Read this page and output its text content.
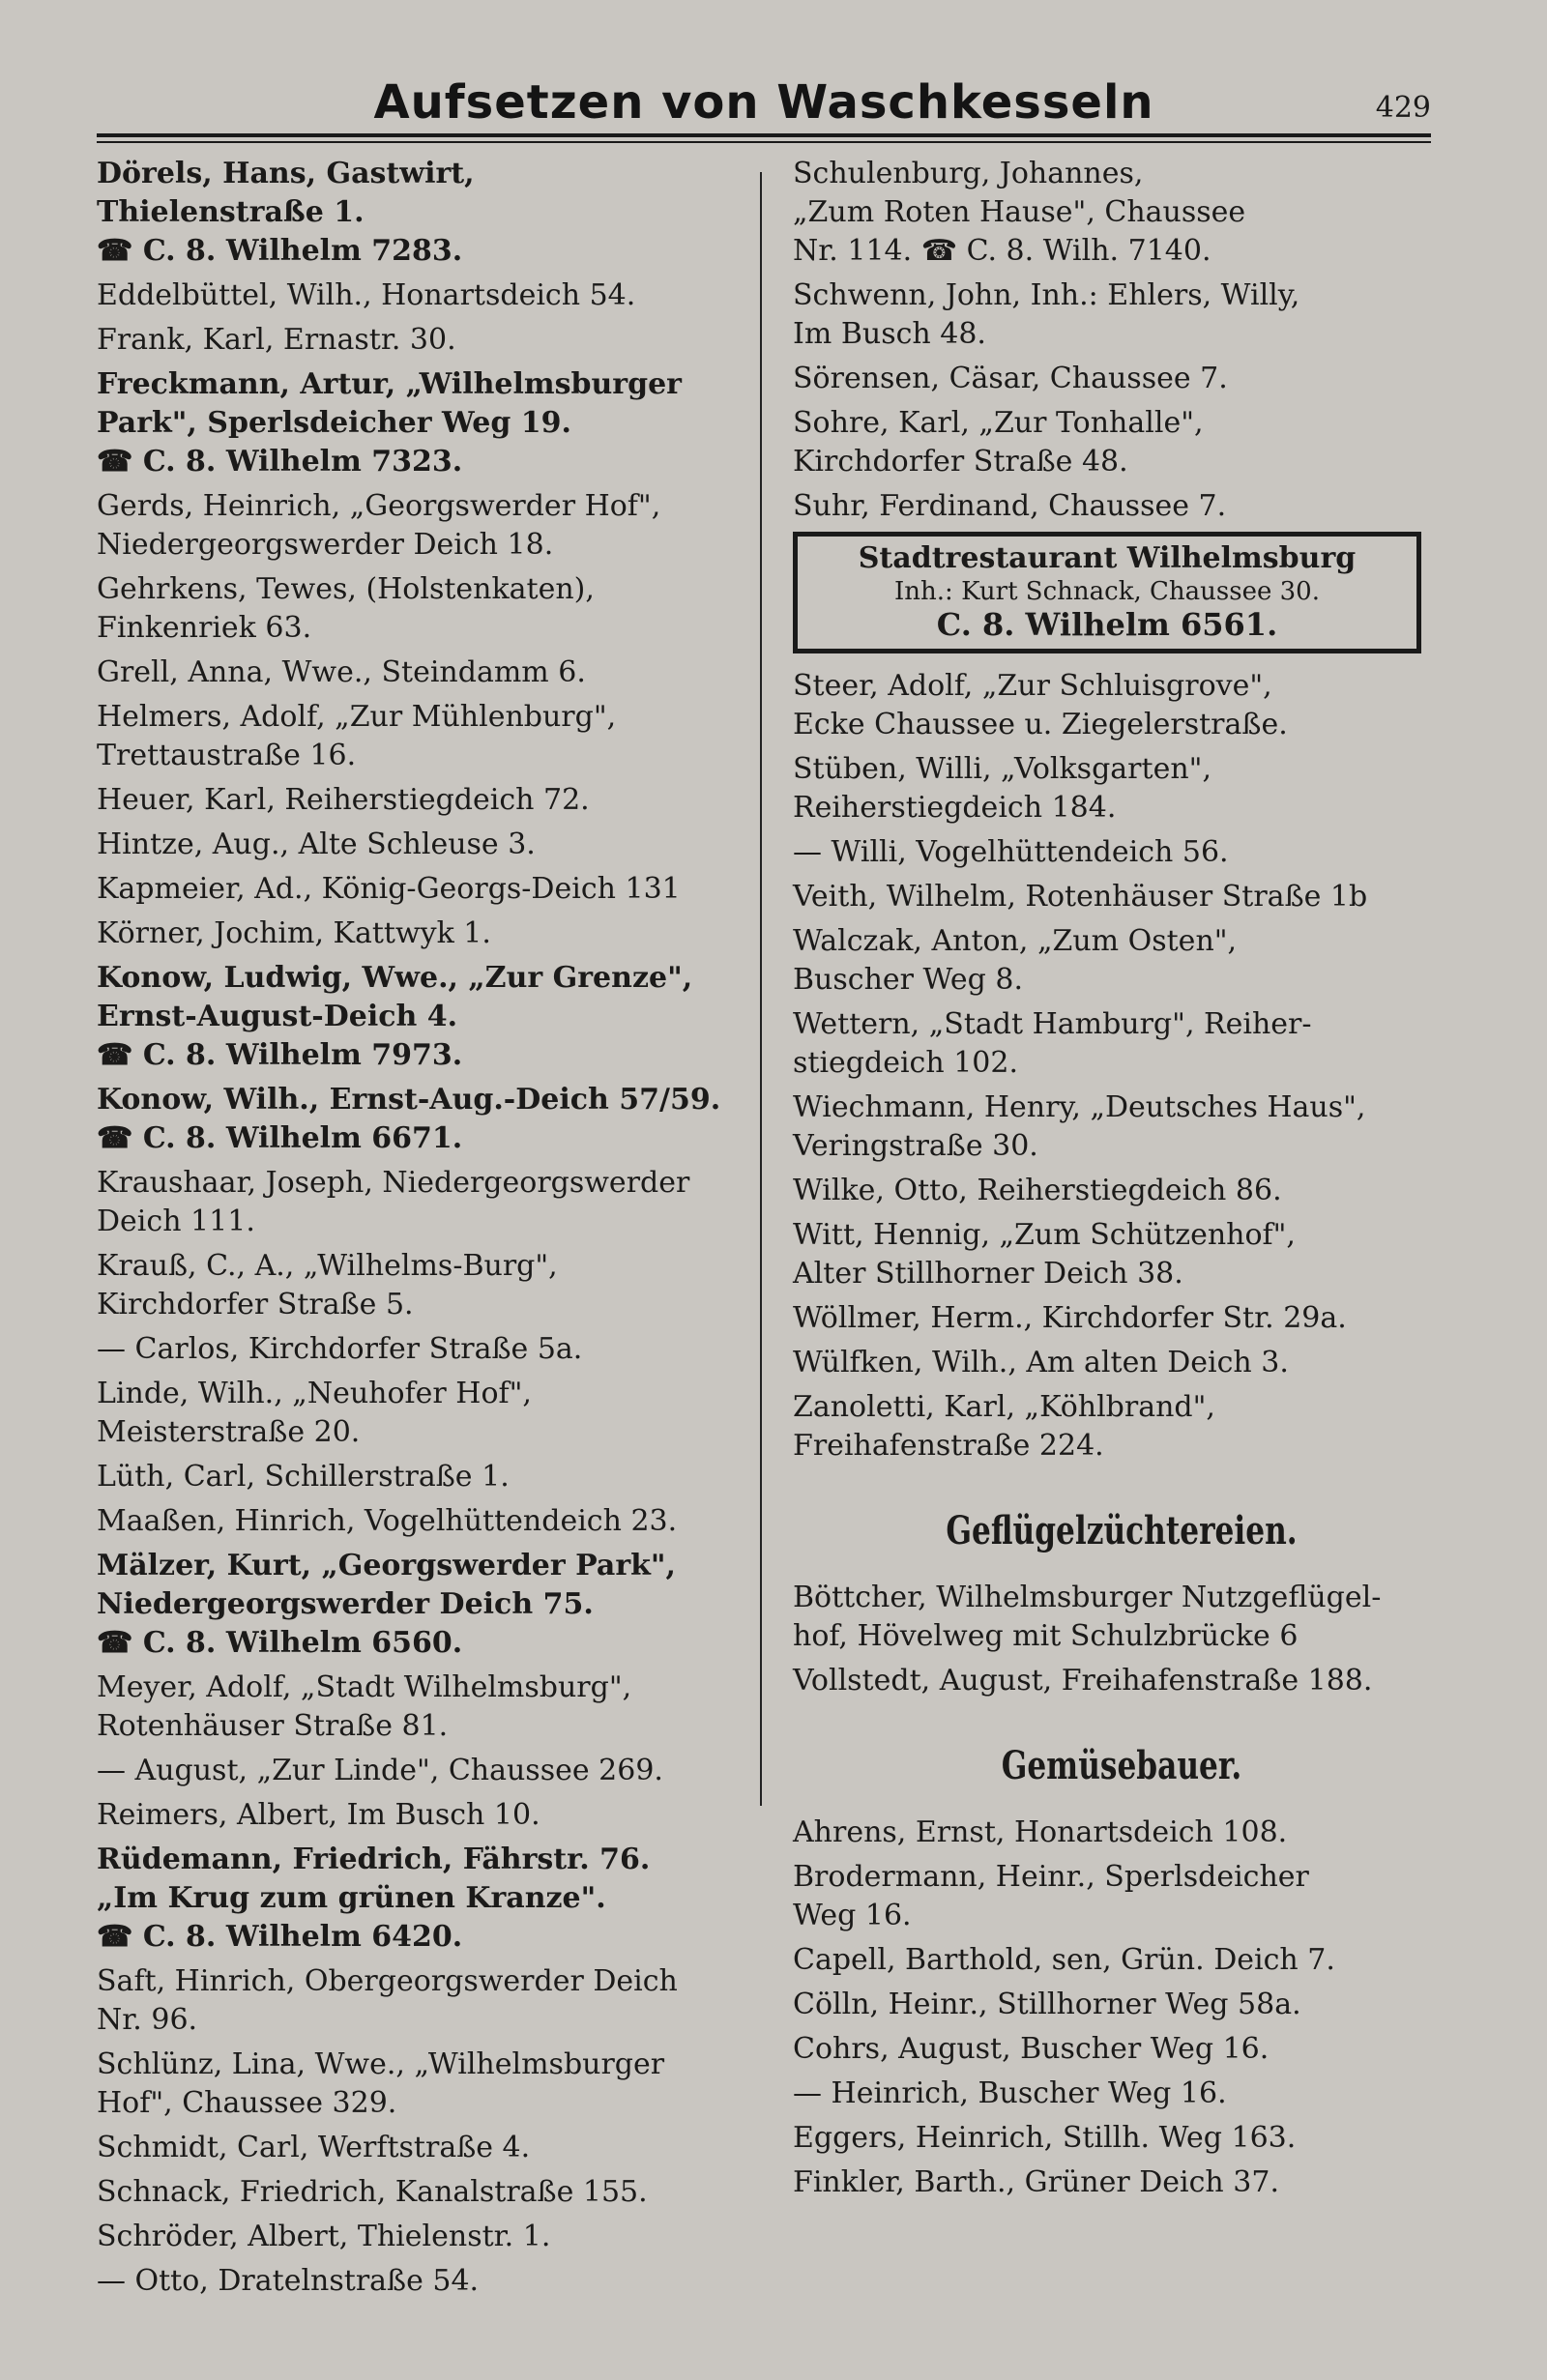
Aufsetzen von Waschkesseln	429
Dörels, Hans, Gastwirt,
Thielenstraße 1.
☎ C. 8. Wilhelm 7283.
Eddelbüttel, Wilh., Honartsdeich 54.
Frank, Karl, Ernastr. 30.
Freckmann, Artur, „Wilhelmsburger
Park", Sperlsdeicher Weg 19.
☎ C. 8. Wilhelm 7323.
Gerds, Heinrich, „Georgswerder Hof",
Niedergeorgswerder Deich 18.
Gehrkens, Tewes, (Holstenkaten),
Finkenriek 63.
Grell, Anna, Wwe., Steindamm 6.
Helmers, Adolf, „Zur Mühlenburg",
Trettaustraße 16.
Heuer, Karl, Reiherstiegdeich 72.
Hintze, Aug., Alte Schleuse 3.
Kapmeier, Ad., König-Georgs-Deich 131
Körner, Jochim, Kattwyk 1.
Konow, Ludwig, Wwe., „Zur Grenze",
Ernst-August-Deich 4.
☎ C. 8. Wilhelm 7973.
Konow, Wilh., Ernst-Aug.-Deich 57/59.
☎ C. 8. Wilhelm 6671.
Kraushaar, Joseph, Niedergeorgswerder
Deich 111.
Krauß, C., A., „Wilhelms-Burg",
Kirchdorfer Straße 5.
— Carlos, Kirchdorfer Straße 5a.
Linde, Wilh., „Neuhofer Hof",
Meisterstraße 20.
Lüth, Carl, Schillerstraße 1.
Maaßen, Hinrich, Vogelhüttendeich 23.
Mälzer, Kurt, „Georgswerder Park",
Niedergeorgswerder Deich 75.
☎ C. 8. Wilhelm 6560.
Meyer, Adolf, „Stadt Wilhelmsburg",
Rotenhäuser Straße 81.
— August, „Zur Linde", Chaussee 269.
Reimers, Albert, Im Busch 10.
Rüdemann, Friedrich, Fährstr. 76.
„Im Krug zum grünen Kranze".
☎ C. 8. Wilhelm 6420.
Saft, Hinrich, Obergeorgswerder Deich
Nr. 96.
Schlünz, Lina, Wwe., „Wilhelmsburger
Hof", Chaussee 329.
Schmidt, Carl, Werftstraße 4.
Schnack, Friedrich, Kanalstraße 155.
Schröder, Albert, Thielenstr. 1.
— Otto, Dratelnstraße 54.
Schulenburg, Johannes,
„Zum Roten Hause", Chaussee
Nr. 114. ☎ C. 8. Wilh. 7140.
Schwenn, John, Inh.: Ehlers, Willy,
Im Busch 48.
Sörensen, Cäsar, Chaussee 7.
Sohre, Karl, „Zur Tonhalle",
Kirchdorfer Straße 48.
Suhr, Ferdinand, Chaussee 7.
Stadtrestaurant Wilhelmsburg
Inh.: Kurt Schnack, Chaussee 30.
C. 8. Wilhelm 6561.
Steer, Adolf, „Zur Schluisgrove",
Ecke Chaussee u. Ziegelerstraße.
Stüben, Willi, „Volksgarten",
Reiherstiegdeich 184.
— Willi, Vogelhüttendeich 56.
Veith, Wilhelm, Rotenhäuser Straße 1b
Walczak, Anton, „Zum Osten",
Buscher Weg 8.
Wettern, „Stadt Hamburg", Reiher-
stiegdeich 102.
Wiechmann, Henry, „Deutsches Haus",
Veringstraße 30.
Wilke, Otto, Reiherstiegdeich 86.
Witt, Hennig, „Zum Schützenhof",
Alter Stillhorner Deich 38.
Wöllmer, Herm., Kirchdorfer Str. 29a.
Wülfken, Wilh., Am alten Deich 3.
Zanoletti, Karl, „Köhlbrand",
Freihafenstraße 224.
Geflügelzüchtereien.
Böttcher, Wilhelmsburger Nutzgeflügel-
hof, Hövelweg mit Schulzbrücke 6
Vollstedt, August, Freihafenstraße 188.
Gemüsebauer.
Ahrens, Ernst, Honartsdeich 108.
Brodermann, Heinr., Sperlsdeicher
Weg 16.
Capell, Barthold, sen, Grün. Deich 7.
Cölln, Heinr., Stillhorner Weg 58a.
Cohrs, August, Buscher Weg 16.
— Heinrich, Buscher Weg 16.
Eggers, Heinrich, Stillh. Weg 163.
Finkler, Barth., Grüner Deich 37.
